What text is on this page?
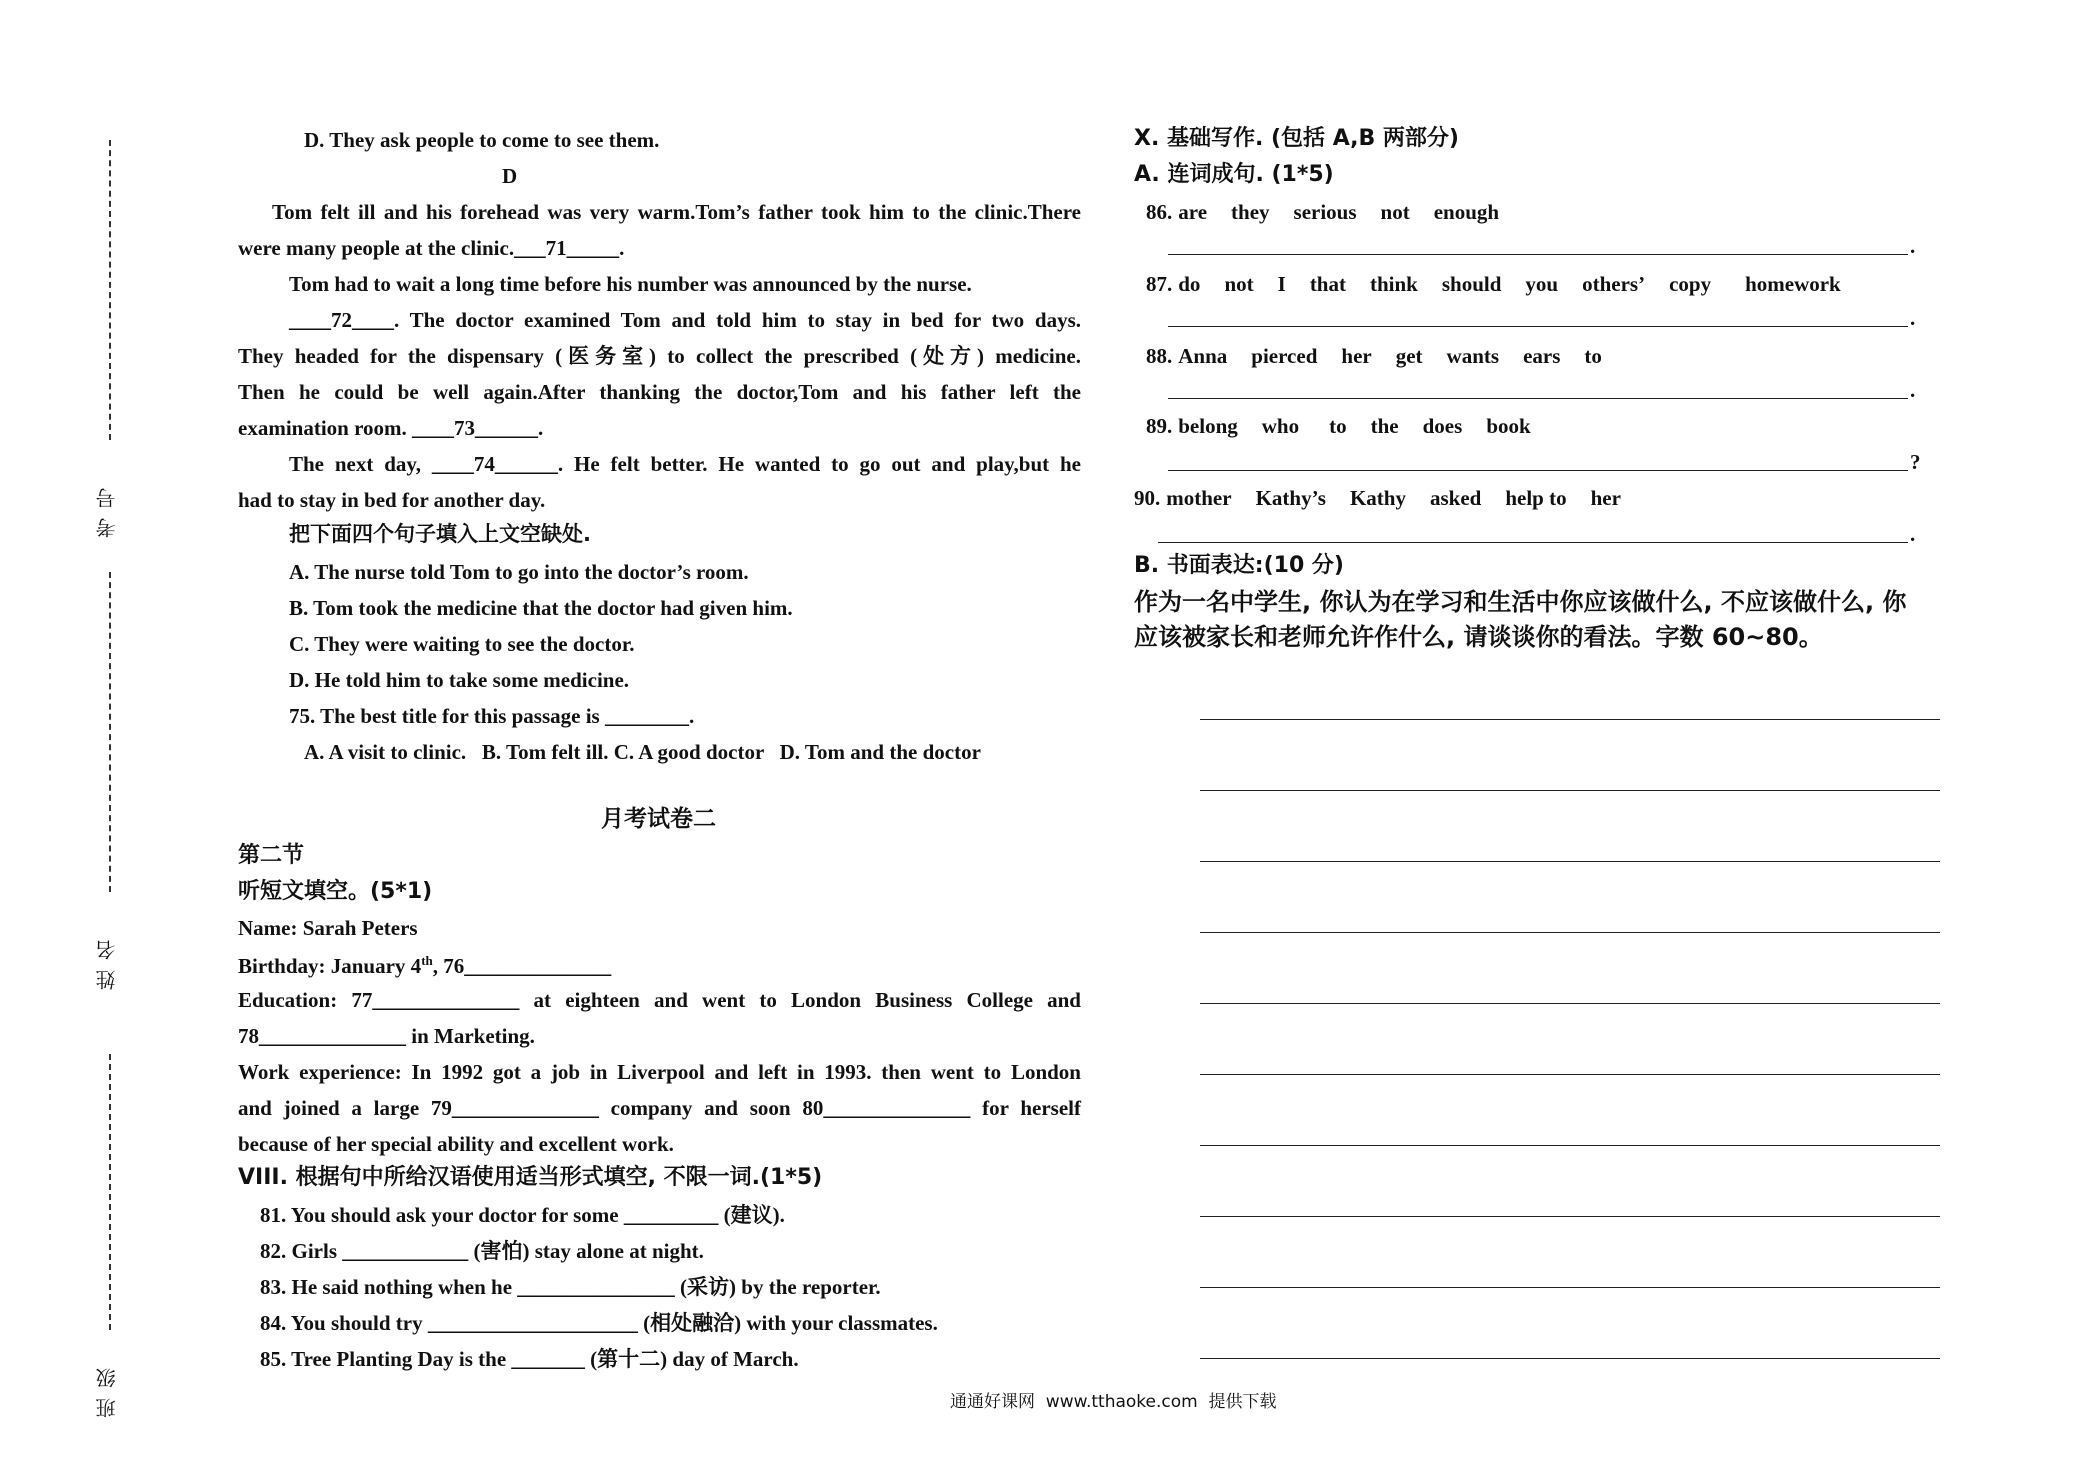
考号
姓名
班级
D. They ask people to come to see them.
D
Tom felt ill and his forehead was very warm.Tom’s father took him to the clinic.There
were many people at the clinic.___71_____.
Tom had to wait a long time before his number was announced by the nurse.
____72____. The doctor examined Tom and told him to stay in bed for two days.
They headed for the dispensary (医务室) to collect the prescribed (处方) medicine.
Then he could be well again.After thanking the doctor,Tom and his father left the
examination room. ____73______.
The next day, ____74______. He felt better. He wanted to go out and play,but he
had to stay in bed for another day.
把下面四个句子填入上文空缺处.
A. The nurse told Tom to go into the doctor’s room.
B. Tom took the medicine that the doctor had given him.
C. They were waiting to see the doctor.
D. He told him to take some medicine.
75. The best title for this passage is ________.
A. A visit to clinic.   B. Tom felt ill. C. A good doctor   D. Tom and the doctor
月考试卷二
第二节
听短文填空。(5*1)
Name: Sarah Peters
Birthday: January 4th, 76______________
Education: 77______________ at eighteen and went to London Business College and
78______________ in Marketing.
Work experience: In 1992 got a job in Liverpool and left in 1993. then went to London
and joined a large 79______________ company and soon 80______________ for herself
because of her special ability and excellent work.
VIII. 根据句中所给汉语使用适当形式填空, 不限一词.(1*5)
81. You should ask your doctor for some _________ (建议).
82. Girls ____________ (害怕) stay alone at night.
83. He said nothing when he _______________ (采访) by the reporter.
84. You should try ____________________ (相处融洽) with your classmates.
85. Tree Planting Day is the _______ (第十二) day of March.
X. 基础写作. (包括 A,B 两部分)
A. 连词成句. (1*5)
86. are they serious not enough
.
87. do not I that think should you others’ copy homework
.
88. Anna pierced her get wants ears to
.
89. belong who to the does book
?
90. mother Kathy’s Kathy asked help to her
.
B. 书面表达:(10 分)
作为一名中学生, 你认为在学习和生活中你应该做什么, 不应该做什么, 你
应该被家长和老师允许作什么, 请谈谈你的看法。字数 60~80。
通通好课网  www.tthaoke.com  提供下载
